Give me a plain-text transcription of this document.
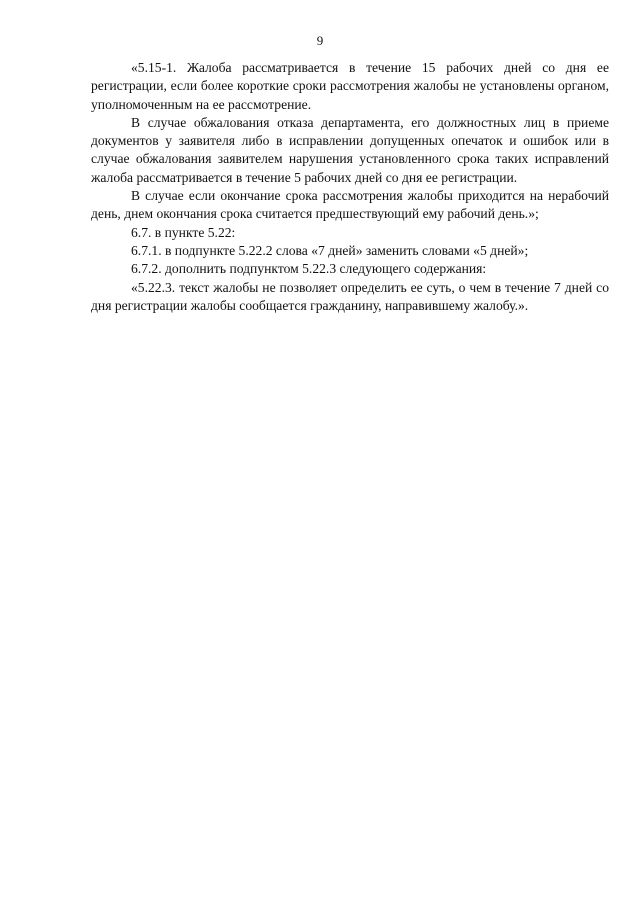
9

«5.15-1. Жалоба рассматривается в течение 15 рабочих дней со дня ее регистрации, если более короткие сроки рассмотрения жалобы не установлены органом, уполномоченным на ее рассмотрение.

В случае обжалования отказа департамента, его должностных лиц в приеме документов у заявителя либо в исправлении допущенных опечаток и ошибок или в случае обжалования заявителем нарушения установленного срока таких исправлений жалоба рассматривается в течение 5 рабочих дней со дня ее регистрации.

В случае если окончание срока рассмотрения жалобы приходится на нерабочий день, днем окончания срока считается предшествующий ему рабочий день.»;

6.7. в пункте 5.22:

6.7.1. в подпункте 5.22.2 слова «7 дней» заменить словами «5 дней»;

6.7.2. дополнить подпунктом 5.22.3 следующего содержания:

«5.22.3. текст жалобы не позволяет определить ее суть, о чем в течение 7 дней со дня регистрации жалобы сообщается гражданину, направившему жалобу.».
